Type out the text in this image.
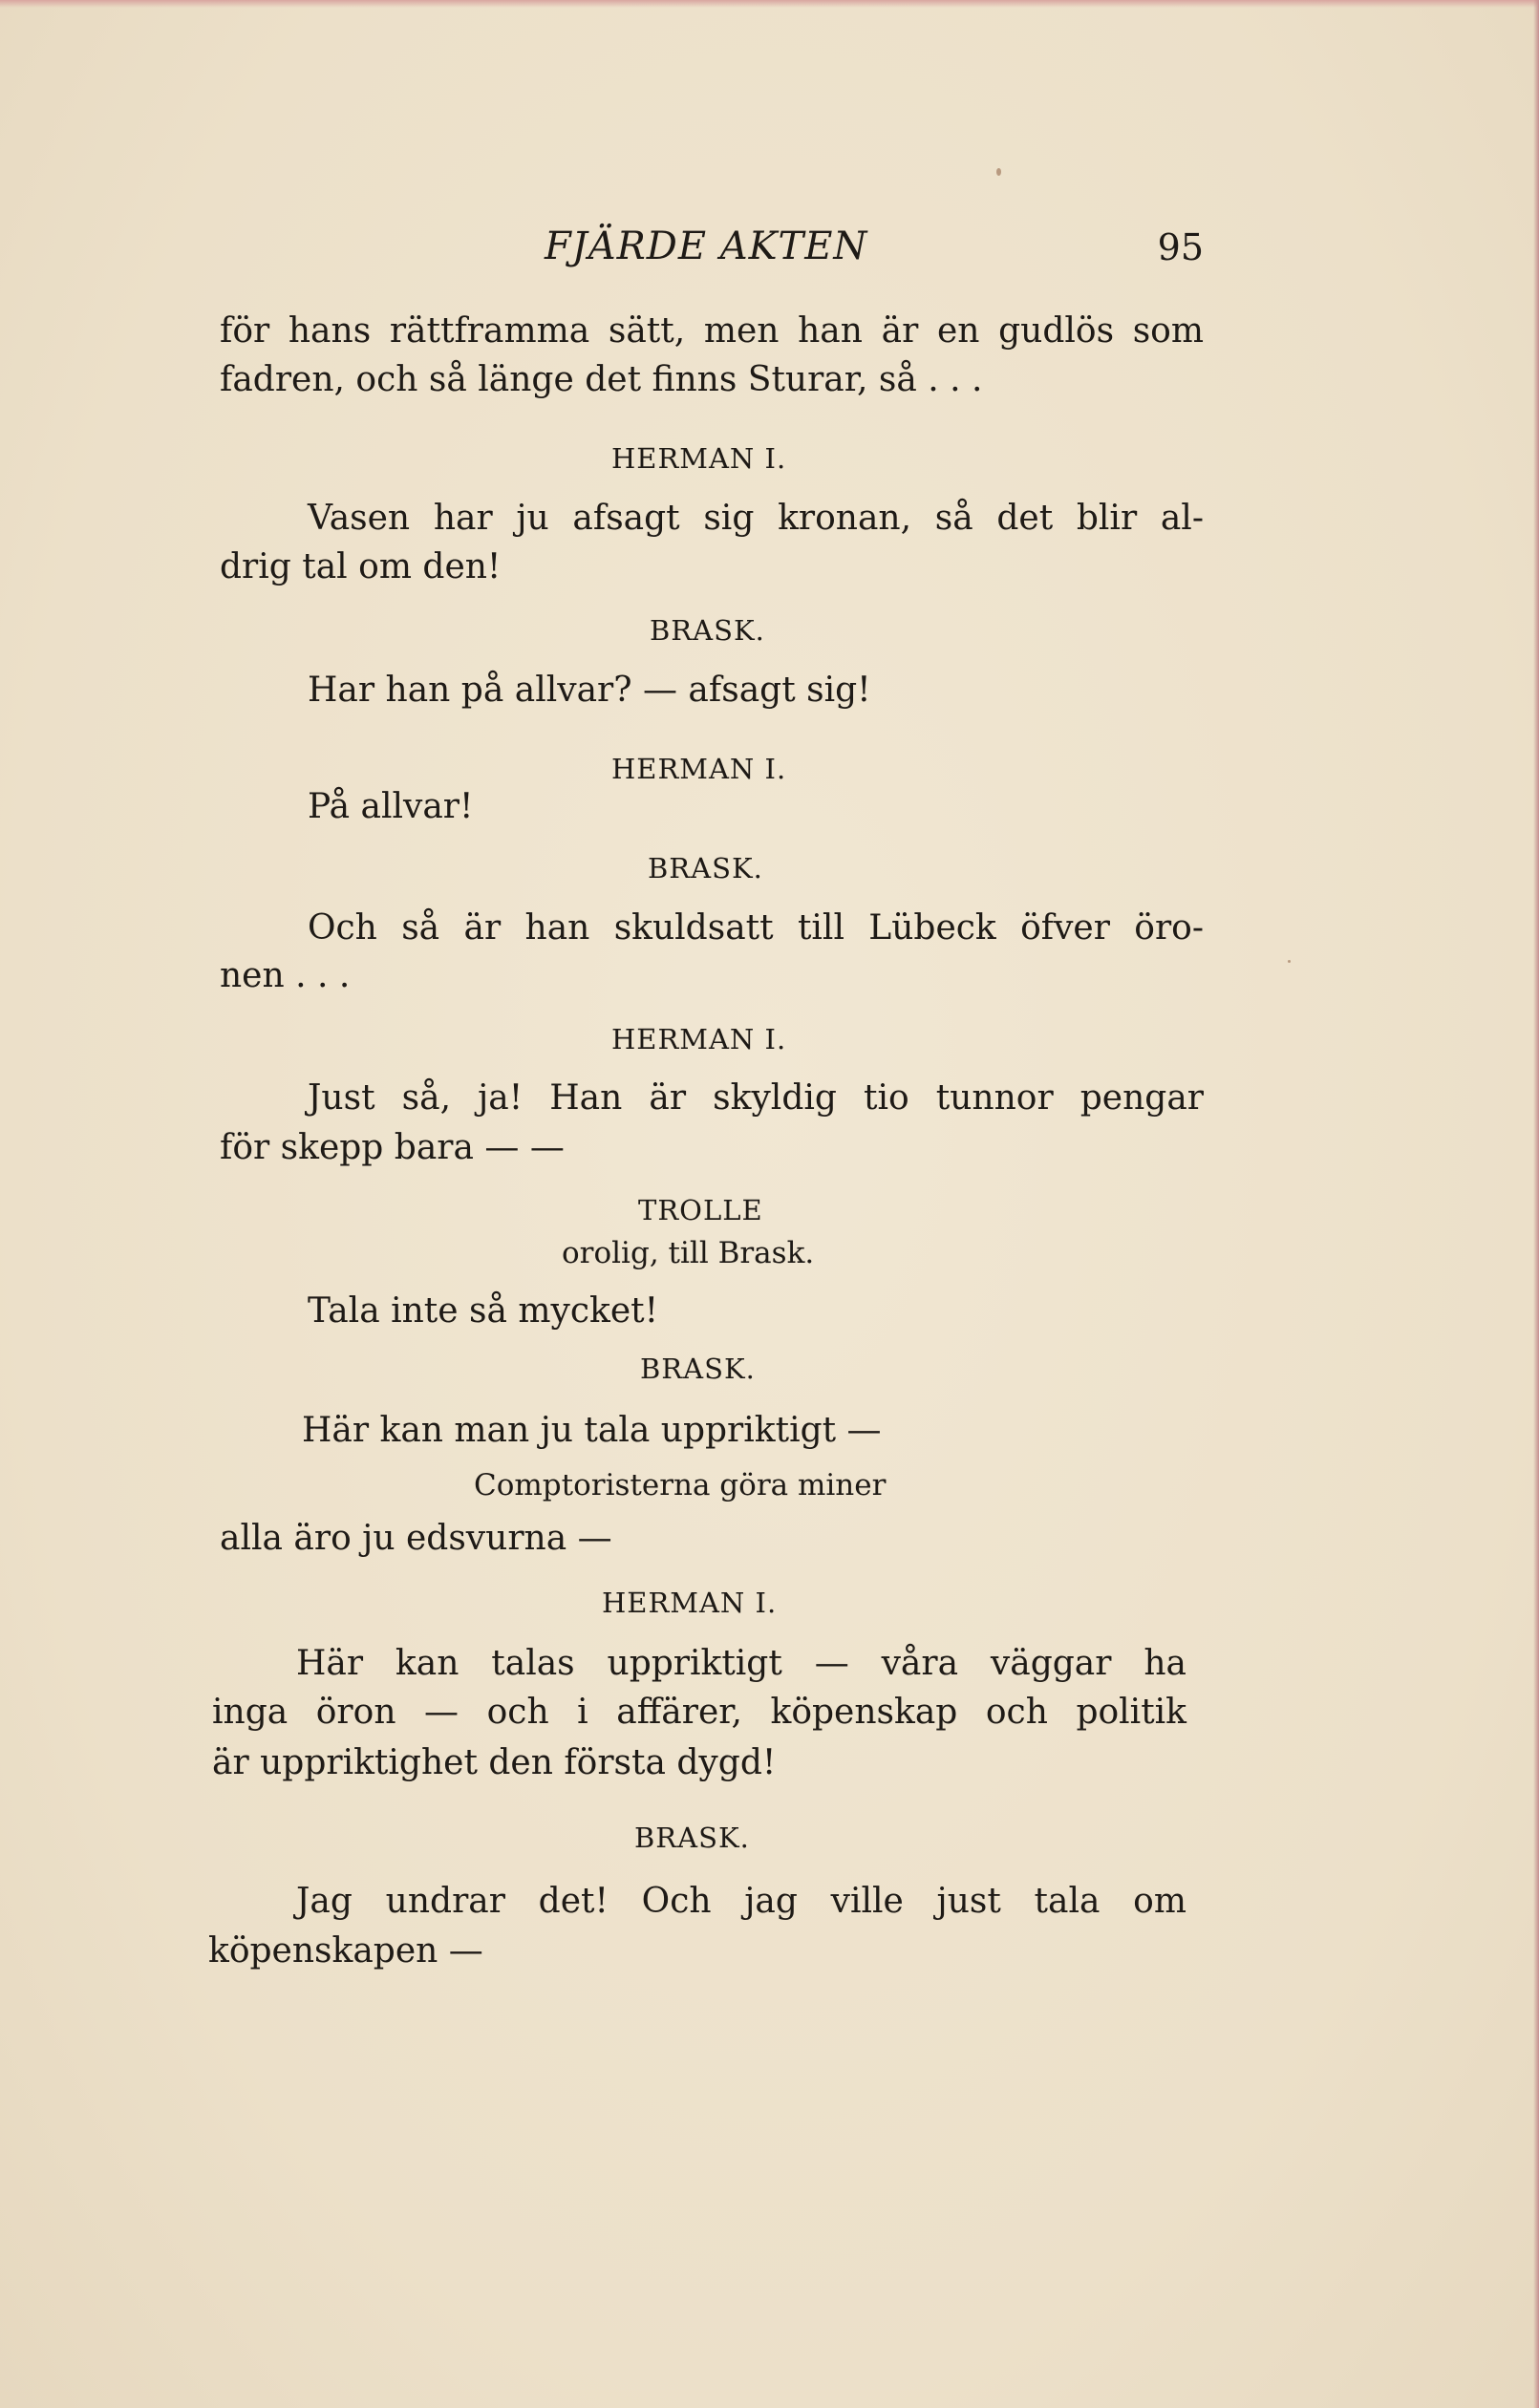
FJÄRDE AKTEN	95
för hans rättframma sätt, men han är en gudlös som
fadren, och så länge det finns Sturar, så . . .
HERMAN I.
Vasen har ju afsagt sig kronan, så det blir al-
drig tal om den!
BRASK.
Har han på allvar? — afsagt sig!
HERMAN I.
På allvar!
BRASK.
Och så är han skuldsatt till Lübeck öfver öro-
nen . . .
HERMAN I.
Just så, ja! Han är skyldig tio tunnor pengar
för skepp bara — —
TROLLE
orolig, till Brask.
Tala inte så mycket!
BRASK.
Här kan man ju tala uppriktigt —
Comptoristerna göra miner
alla äro ju edsvurna —
HERMAN I.
Här kan talas uppriktigt — våra väggar ha
inga öron — och i affärer, köpenskap och politik
är uppriktighet den första dygd!
BRASK.
Jag undrar det! Och jag ville just tala om
köpenskapen —
